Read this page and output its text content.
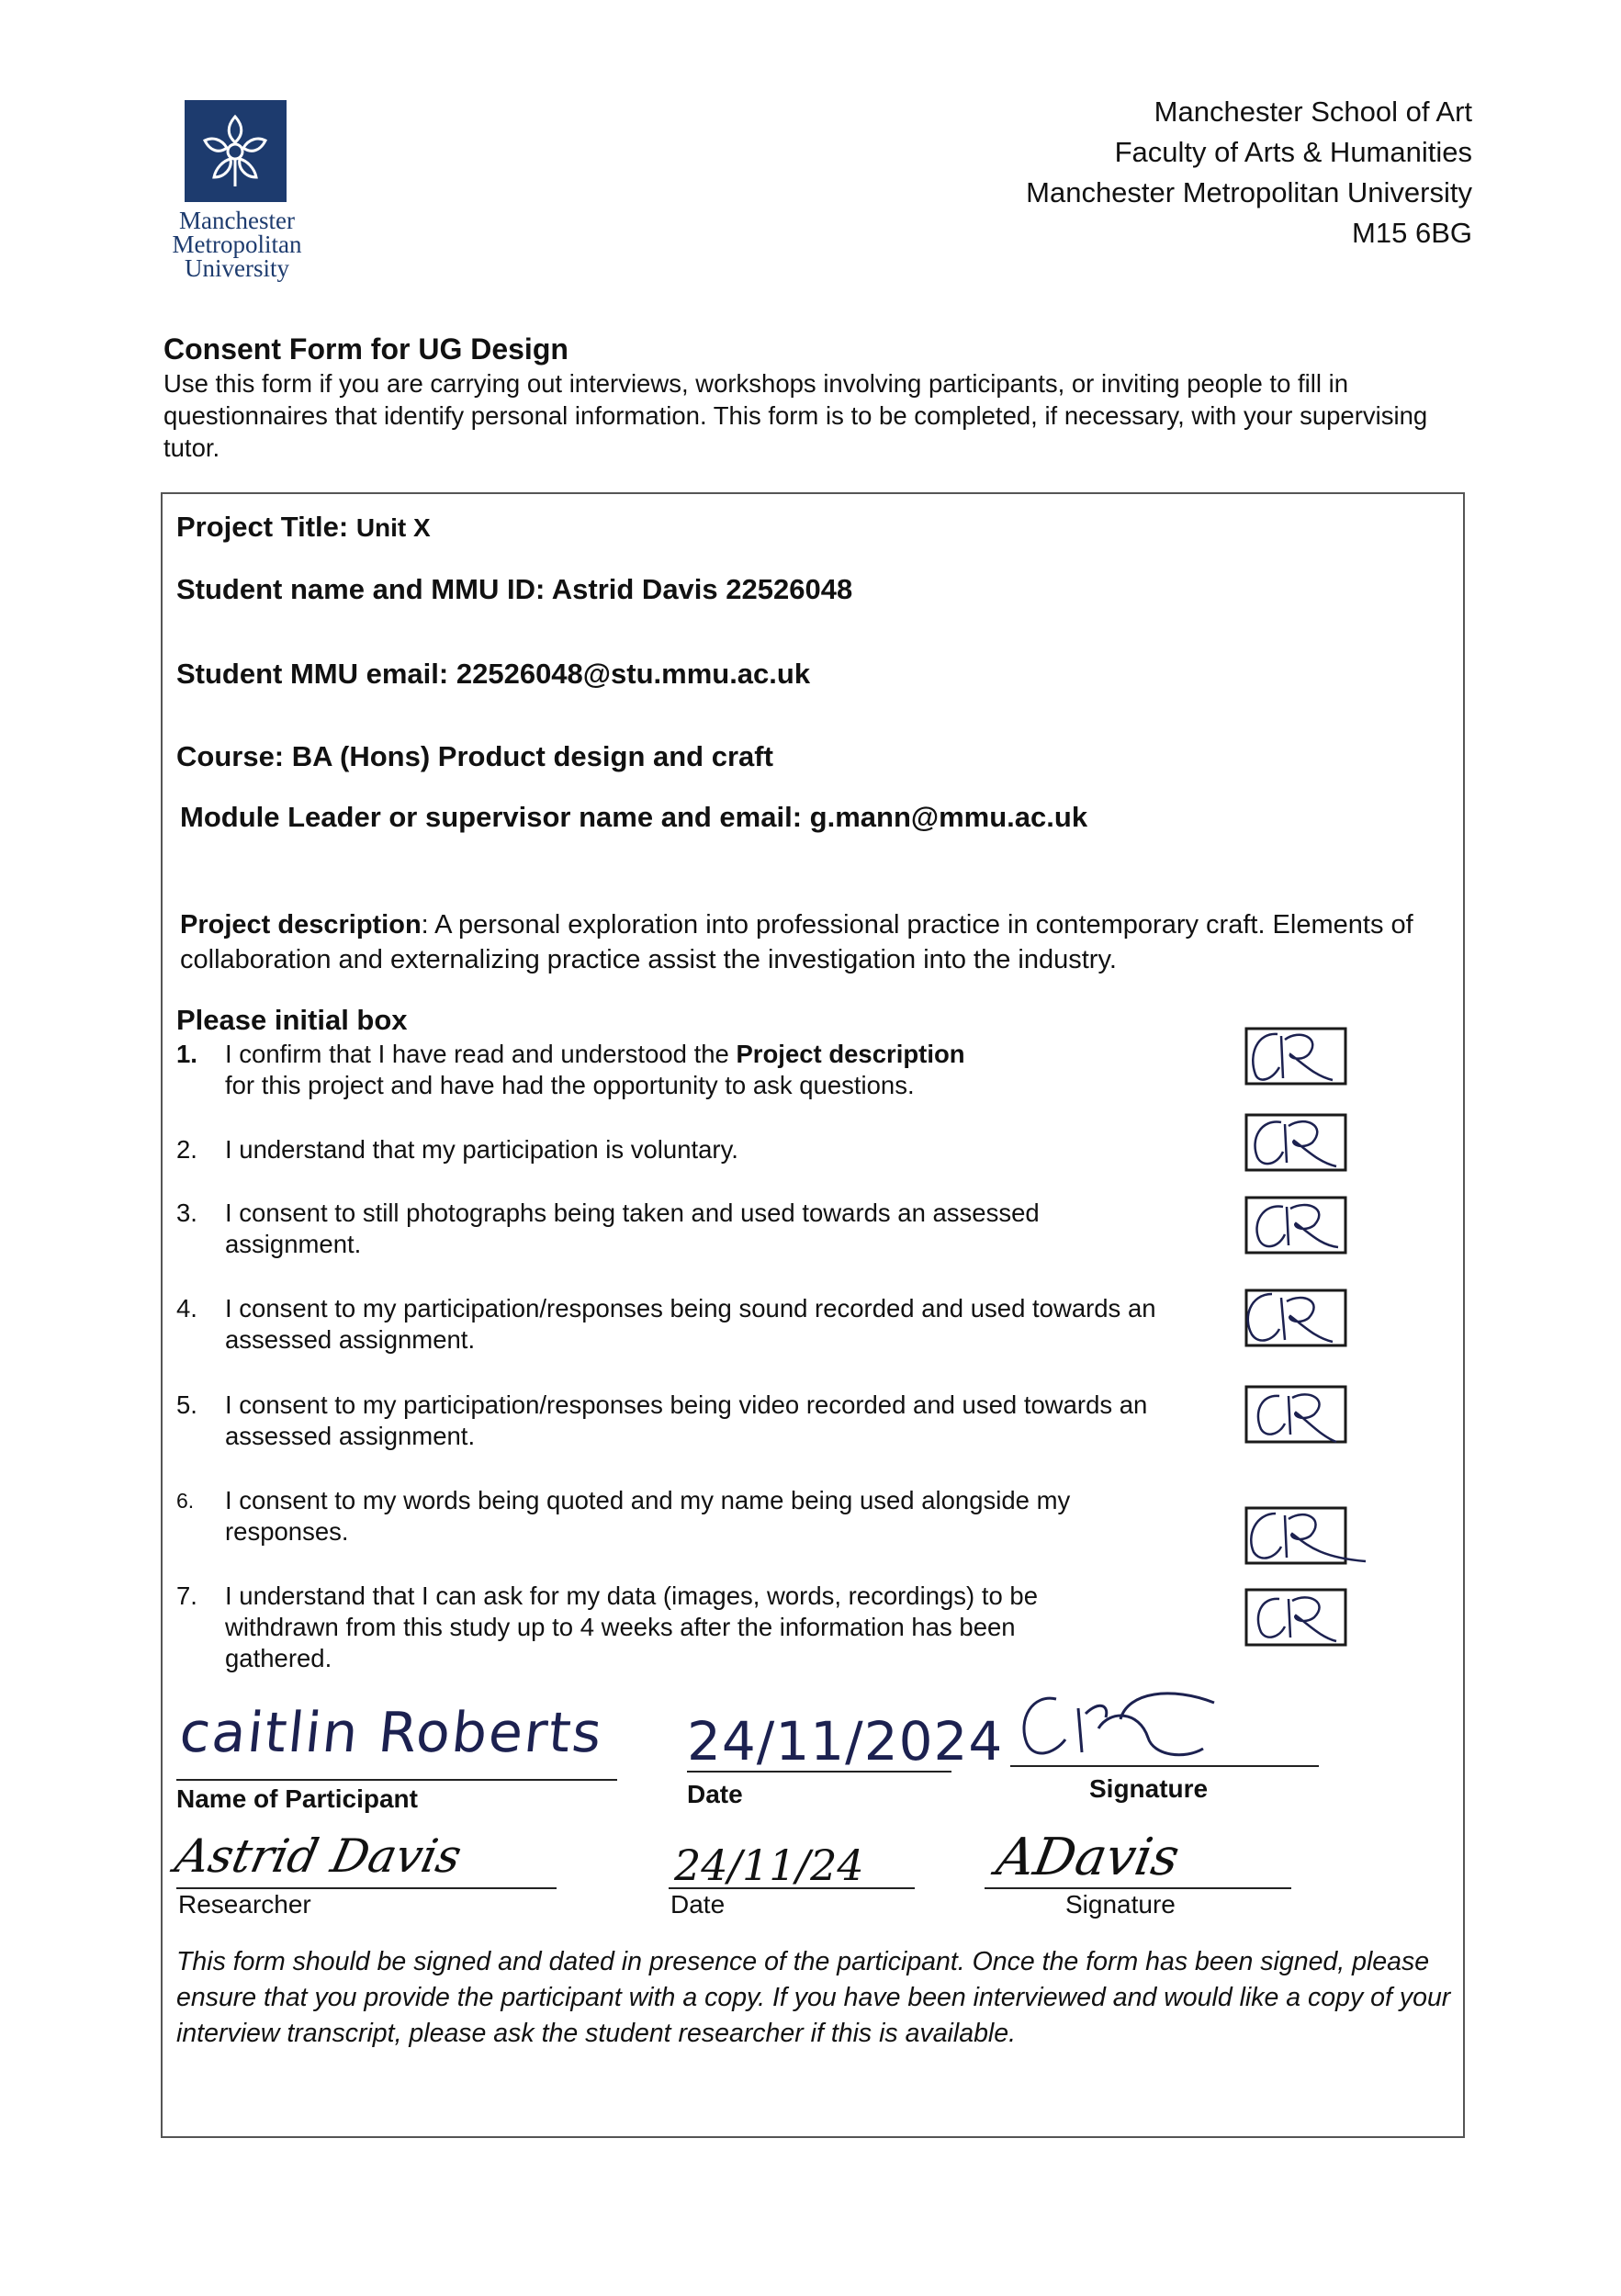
Manchester
Metropolitan
University
Manchester School of Art
Faculty of Arts & Humanities
Manchester Metropolitan University
M15 6BG
Consent Form for UG Design
Use this form if you are carrying out interviews, workshops involving participants, or inviting people to fill in questionnaires that identify personal information. This form is to be completed, if necessary, with your supervising tutor.
Project Title: Unit X
Student name and MMU ID: Astrid Davis 22526048
Student MMU email: 22526048@stu.mmu.ac.uk
Course: BA (Hons) Product design and craft
Module Leader or supervisor name and email: g.mann@mmu.ac.uk
Project description: A personal exploration into professional practice in contemporary craft. Elements of collaboration and externalizing practice assist the investigation into the industry.
Please initial box
1.	I confirm that I have read and understood the Project description
for this project and have had the opportunity to ask questions.
2.	I understand that my participation is voluntary.
3.	I consent to still photographs being taken and used towards an assessed assignment.
4.	I consent to my participation/responses being sound recorded and used towards an assessed assignment.
5.	I consent to my participation/responses being video recorded and used towards an assessed assignment.
6.	I consent to my words being quoted and my name being used alongside my responses.
7.	I understand that I can ask for my data (images, words, recordings) to be withdrawn from this study up to 4 weeks after the information has been gathered.
caitlin Roberts
Name of Participant
24/11/2024
Date	Signature
Astrid Davis
Researcher
24/11/24
Date
ADavis
Signature
This form should be signed and dated in presence of the participant. Once the form has been signed, please ensure that you provide the participant with a copy. If you have been interviewed and would like a copy of your interview transcript, please ask the student researcher if this is available.
